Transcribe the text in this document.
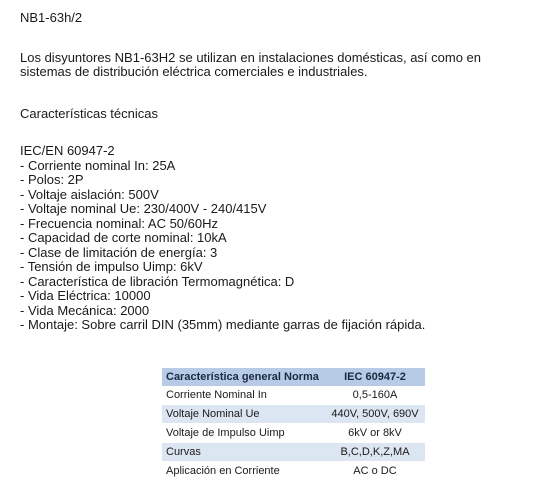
NB1-63h/2

Los disyuntores NB1-63H2 se utilizan en instalaciones domésticas, así como en sistemas de distribución eléctrica comerciales e industriales.

Características técnicas

IEC/EN 60947-2
- Corriente nominal In: 25A
- Polos: 2P
- Voltaje aislación: 500V
- Voltaje nominal Ue: 230/400V - 240/415V
- Frecuencia nominal: AC 50/60Hz
- Capacidad de corte nominal: 10kA
- Clase de limitación de energía: 3
- Tensión de impulso Uimp: 6kV
- Característica de libración Termomagnética: D
- Vida Eléctrica: 10000
- Vida Mecánica: 2000
- Montaje: Sobre carril DIN (35mm) mediante garras de fijación rápida.
Característica general Norma	IEC 60947-2
Corriente Nominal In	0,5-160A
Voltaje Nominal Ue	440V, 500V, 690V
Voltaje de Impulso Uimp	6kV or 8kV
Curvas	B,C,D,K,Z,MA
Aplicación en Corriente	AC o DC
